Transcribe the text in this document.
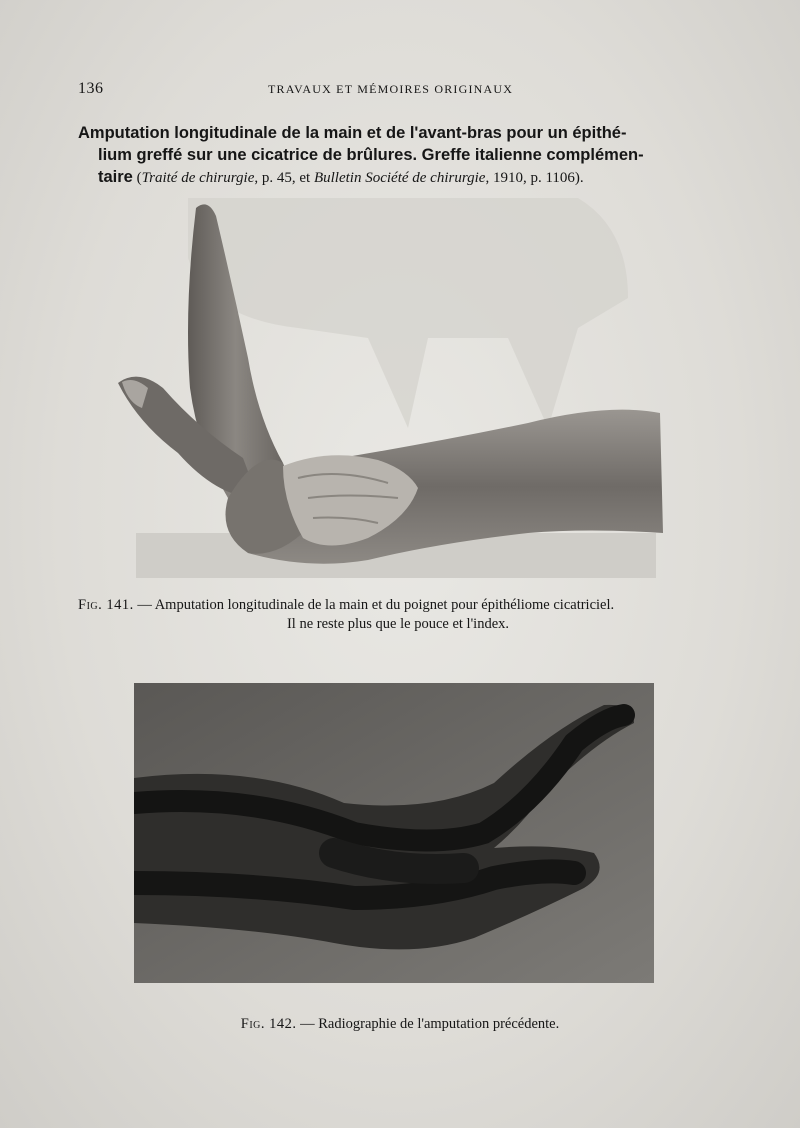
136	TRAVAUX ET MÉMOIRES ORIGINAUX
Amputation longitudinale de la main et de l'avant-bras pour un épithé-
lium greffé sur une cicatrice de brûlures. Greffe italienne complémen-
taire (Traité de chirurgie, p. 45, et Bulletin Société de chirurgie, 1910, p. 1106).
Fig. 141. — Amputation longitudinale de la main et du poignet pour épithéliome cicatriciel.
Il ne reste plus que le pouce et l'index.
Fig. 142. — Radiographie de l'amputation précédente.
